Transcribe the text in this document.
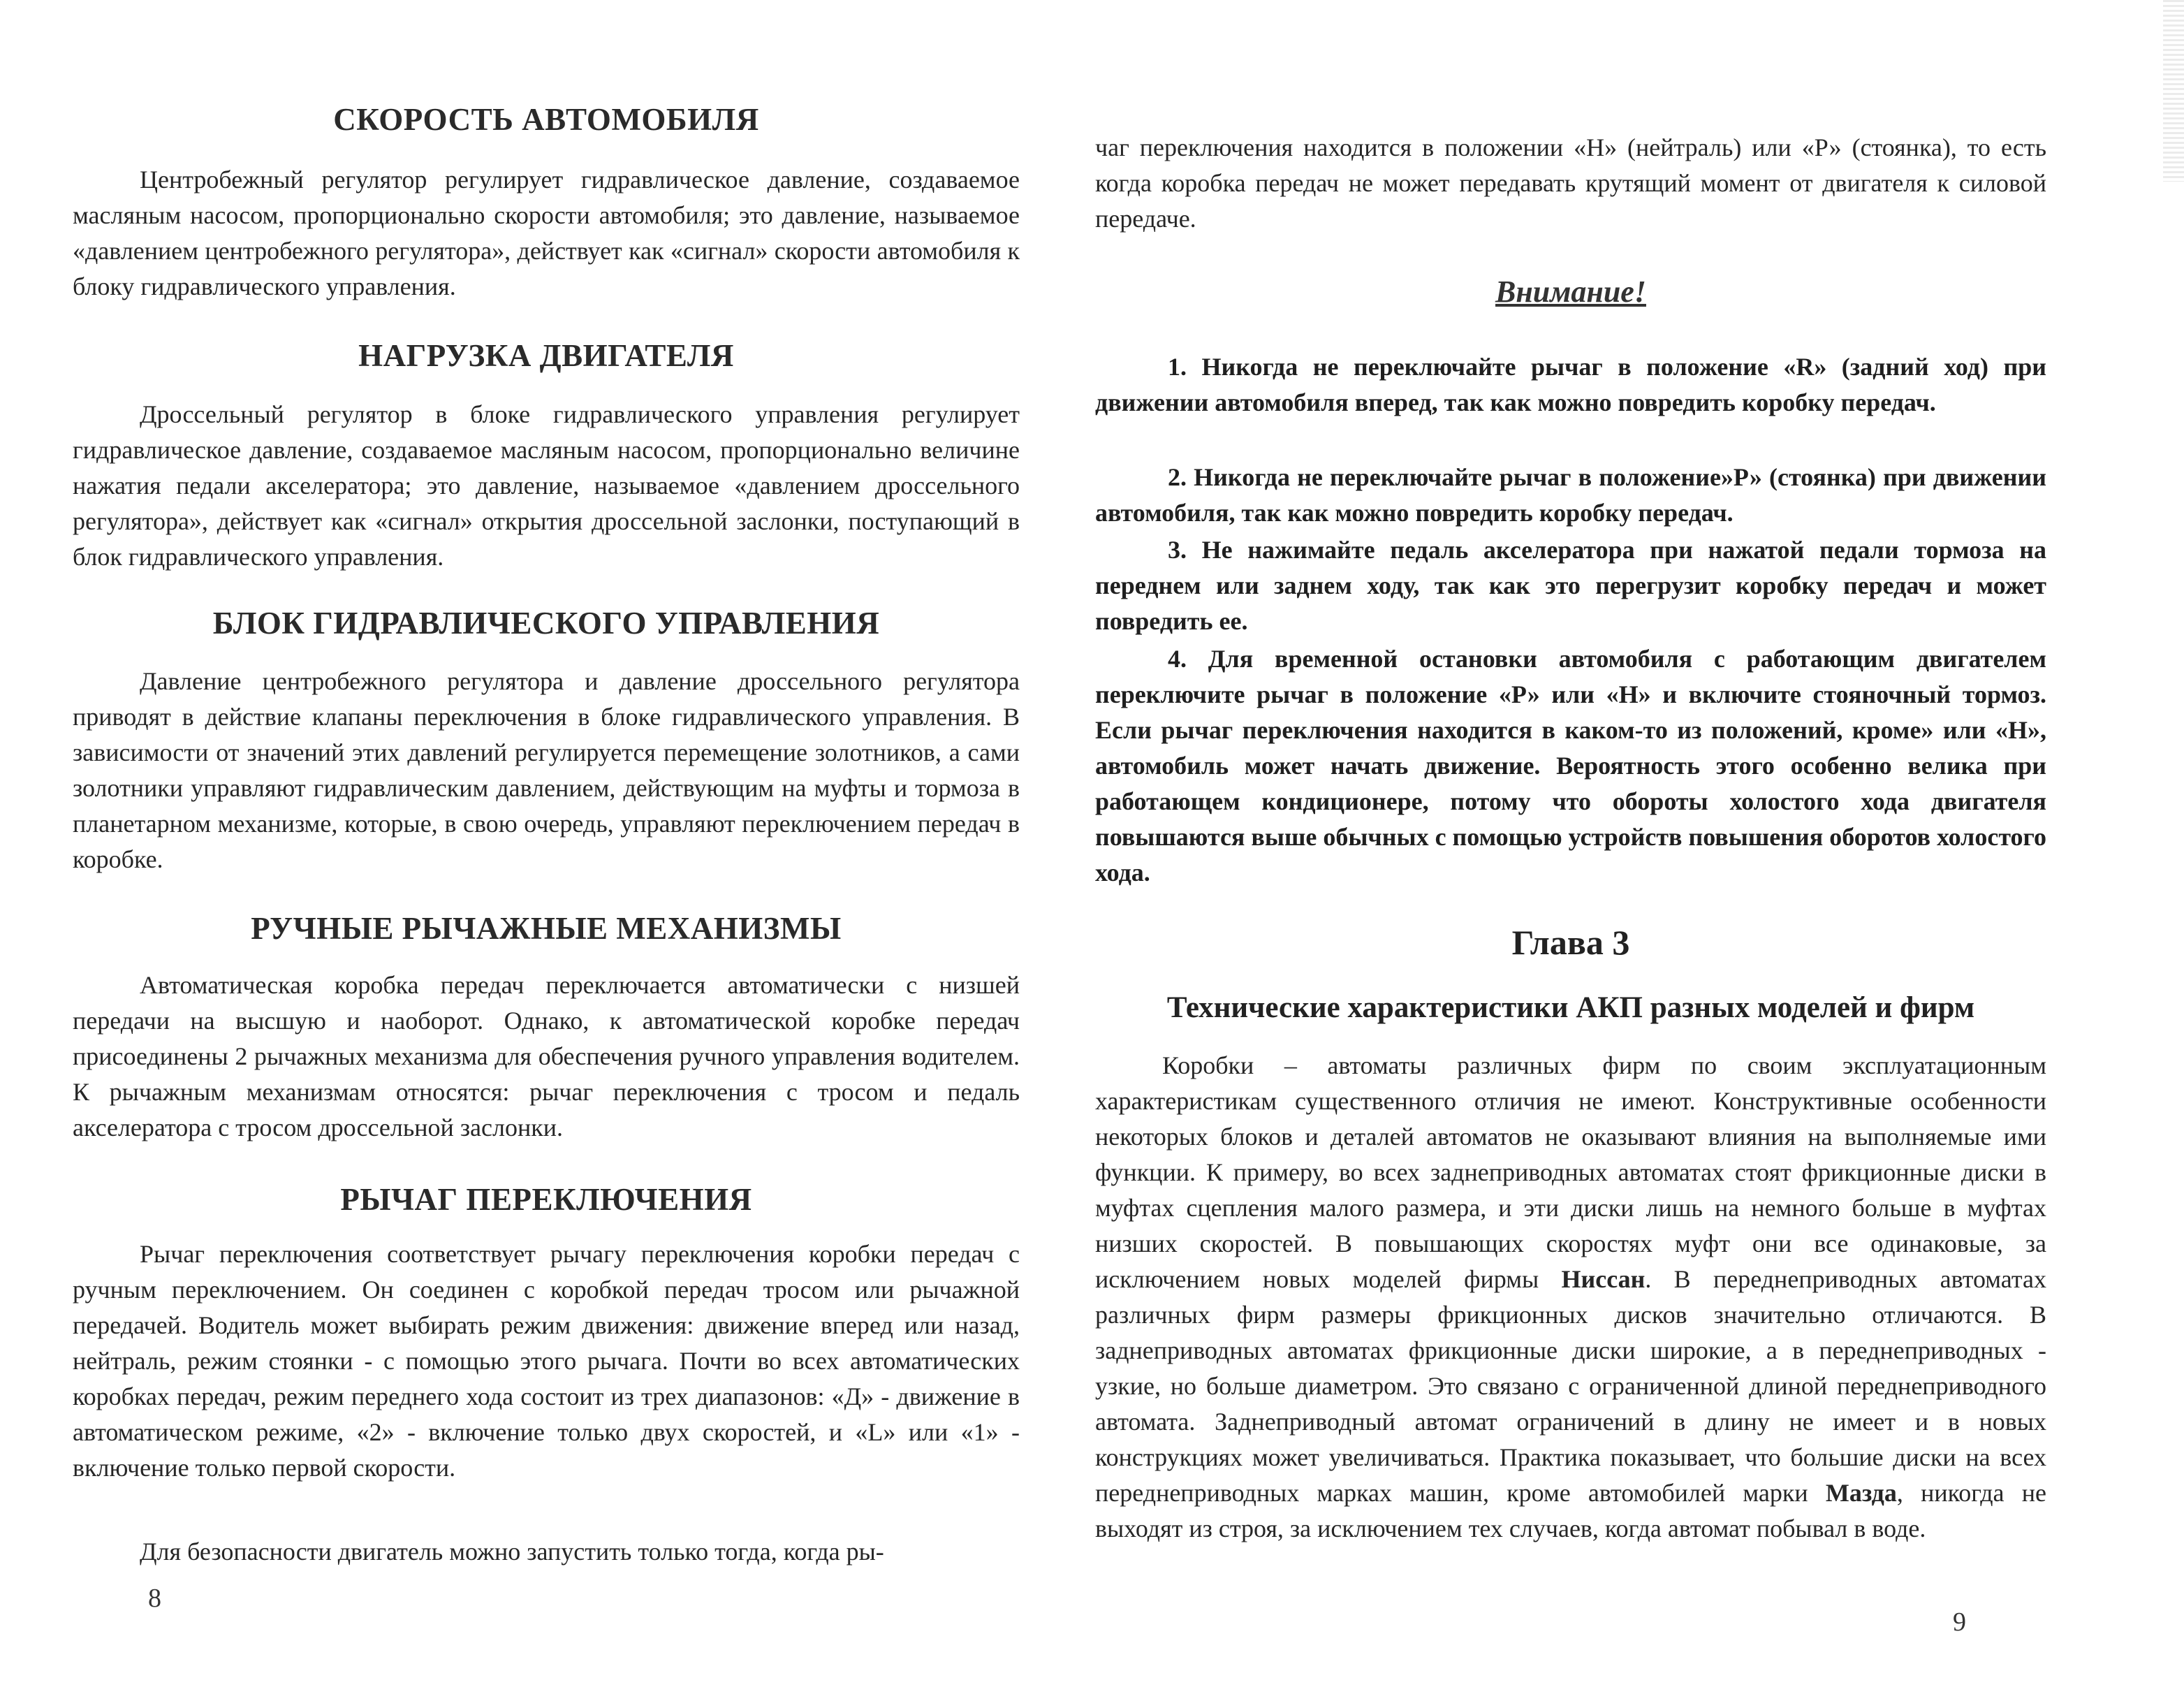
СКОРОСТЬ АВТОМОБИЛЯ

Центробежный регулятор регулирует гидравлическое давление, создаваемое масляным насосом, пропорционально скорости автомобиля; это давление, называемое «давлением центробежного регулятора», действует как «сигнал» скорости автомобиля к блоку гидравлического управления.

НАГРУЗКА ДВИГАТЕЛЯ

Дроссельный регулятор в блоке гидравлического управления регулирует гидравлическое давление, создаваемое масляным насосом, пропорционально величине нажатия педали акселератора; это давление, называемое «давлением дроссельного регулятора», действует как «сигнал» открытия дроссельной заслонки, поступающий в блок гидравлического управления.

БЛОК ГИДРАВЛИЧЕСКОГО УПРАВЛЕНИЯ

Давление центробежного регулятора и давление дроссельного регулятора приводят в действие клапаны переключения в блоке гидравлического управления. В зависимости от значений этих давлений регулируется перемещение золотников, а сами золотники управляют гидравлическим давлением, действующим на муфты и тормоза в планетарном механизме, которые, в свою очередь, управляют переключением передач в коробке.

РУЧНЫЕ РЫЧАЖНЫЕ МЕХАНИЗМЫ

Автоматическая коробка передач переключается автоматически с низшей передачи на высшую и наоборот. Однако, к автоматической коробке передач присоединены 2 рычажных механизма для обеспечения ручного управления водителем. К рычажным механизмам относятся: рычаг переключения с тросом и педаль акселератора с тросом дроссельной заслонки.

РЫЧАГ ПЕРЕКЛЮЧЕНИЯ

Рычаг переключения соответствует рычагу переключения коробки передач с ручным переключением. Он соединен с коробкой передач тросом или рычажной передачей. Водитель может выбирать режим движения: движение вперед или назад, нейтраль, режим стоянки - с помощью этого рычага. Почти во всех автоматических коробках передач, режим переднего хода состоит из трех диапазонов: «Д» - движение в автоматическом режиме, «2» - включение только двух скоростей, и «L» или «1» - включение только первой скорости.

Для безопасности двигатель можно запустить только тогда, когда ры-

8

чаг переключения находится в положении «Н» (нейтраль) или «Р» (стоянка), то есть когда коробка передач не может передавать крутящий момент от двигателя к силовой передаче.

Внимание!

1. Никогда не переключайте рычаг в положение «R» (задний ход) при движении автомобиля вперед, так как можно повредить коробку передач.

2. Никогда не переключайте рычаг в положение»Р» (стоянка) при движении автомобиля, так как можно повредить коробку передач.

3. Не нажимайте педаль акселератора при нажатой педали тормоза на переднем или заднем ходу, так как это перегрузит коробку передач и может повредить ее.

4. Для временной остановки автомобиля с работающим двигателем переключите рычаг в положение «Р» или «Н» и включите стояночный тормоз. Если рычаг переключения находится в каком-то из положений, кроме» или «Н», автомобиль может начать движение. Вероятность этого особенно велика при работающем кондиционере, потому что обороты холостого хода двигателя повышаются выше обычных с помощью устройств повышения оборотов холостого хода.

Глава 3
Технические характеристики АКП разных моделей и фирм

Коробки – автоматы различных фирм по своим эксплуатационным характеристикам существенного отличия не имеют. Конструктивные особенности некоторых блоков и деталей автоматов не оказывают влияния на выполняемые ими функции. К примеру, во всех заднеприводных автоматах стоят фрикционные диски в муфтах сцепления малого размера, и эти диски лишь на немного больше в муфтах низших скоростей. В повышающих скоростях муфт они все одинаковые, за исключением новых моделей фирмы Ниссан. В переднеприводных автоматах различных фирм размеры фрикционных дисков значительно отличаются. В заднеприводных автоматах фрикционные диски широкие, а в переднеприводных - узкие, но больше диаметром. Это связано с ограниченной длиной переднеприводного автомата. Заднеприводный автомат ограничений в длину не имеет и в новых конструкциях может увеличиваться. Практика показывает, что большие диски на всех переднеприводных марках машин, кроме автомобилей марки Мазда, никогда не выходят из строя, за исключением тех случаев, когда автомат побывал в воде.

9
